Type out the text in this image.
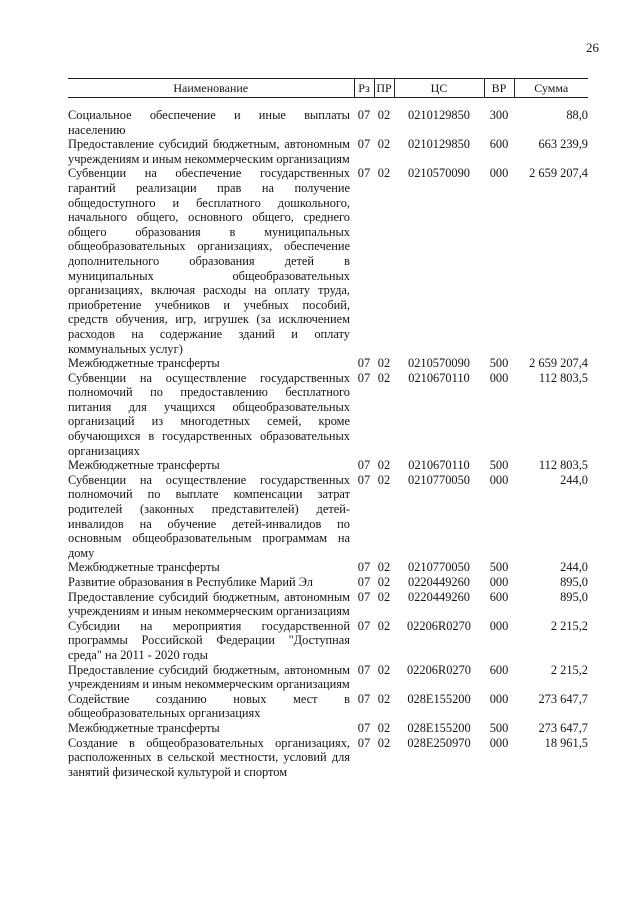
26
Наименование	Рз	ПР	ЦС	ВР	Сумма
Социальное обеспечение и иные выплаты населению	07	02	0210129850	300	88,0
Предоставление субсидий бюджетным, автономным учреждениям и иным некоммерческим организациям	07	02	0210129850	600	663 239,9
Субвенции на обеспечение государственных гарантий реализации прав на получение общедоступного и бесплатного дошкольного, начального общего, основного общего, среднего общего образования в муниципальных общеобразовательных организациях, обеспечение дополнительного образования детей в муниципальных общеобразовательных организациях, включая расходы на оплату труда, приобретение учебников и учебных пособий, средств обучения, игр, игрушек (за исключением расходов на содержание зданий и оплату коммунальных услуг)	07	02	0210570090	000	2 659 207,4
Межбюджетные трансферты	07	02	0210570090	500	2 659 207,4
Субвенции на осуществление государственных полномочий по предоставлению бесплатного питания для учащихся общеобразовательных организаций из многодетных семей, кроме обучающихся в государственных образовательных организациях	07	02	0210670110	000	112 803,5
Межбюджетные трансферты	07	02	0210670110	500	112 803,5
Субвенции на осуществление государственных полномочий по выплате компенсации затрат родителей (законных представителей) детей-инвалидов на обучение детей-инвалидов по основным общеобразовательным программам на дому	07	02	0210770050	000	244,0
Межбюджетные трансферты	07	02	0210770050	500	244,0
Развитие образования в Республике Марий Эл	07	02	0220449260	000	895,0
Предоставление субсидий бюджетным, автономным учреждениям и иным некоммерческим организациям	07	02	0220449260	600	895,0
Субсидии на мероприятия государственной программы Российской Федерации "Доступная среда" на 2011 - 2020 годы	07	02	02206R0270	000	2 215,2
Предоставление субсидий бюджетным, автономным учреждениям и иным некоммерческим организациям	07	02	02206R0270	600	2 215,2
Содействие созданию новых мест в общеобразовательных организациях	07	02	028E155200	000	273 647,7
Межбюджетные трансферты	07	02	028E155200	500	273 647,7
Создание в общеобразовательных организациях, расположенных в сельской местности, условий для занятий физической культурой и спортом	07	02	028E250970	000	18 961,5
